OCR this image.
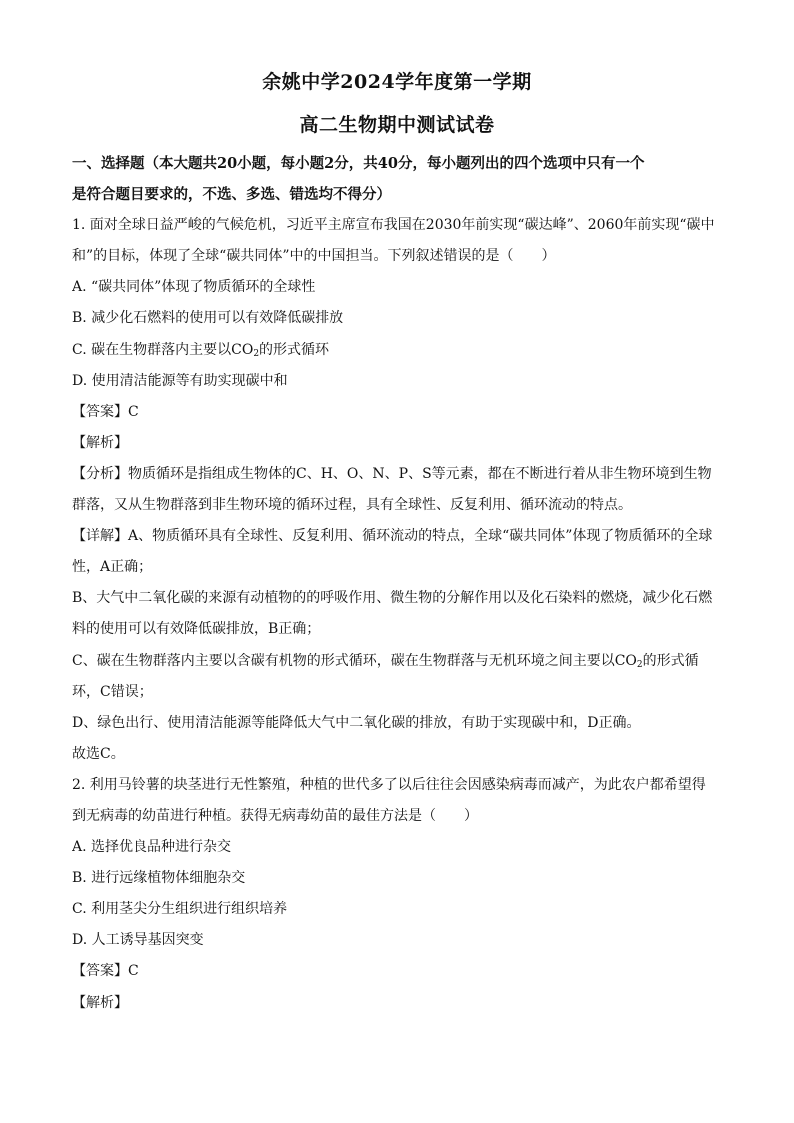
余姚中学2024学年度第一学期
高二生物期中测试试卷
一、选择题（本大题共20小题，每小题2分，共40分，每小题列出的四个选项中只有一个
是符合题目要求的，不选、多选、错选均不得分）
1. 面对全球日益严峻的气候危机，习近平主席宣布我国在2030年前实现“碳达峰”、2060年前实现“碳中
和”的目标，体现了全球“碳共同体”中的中国担当。下列叙述错误的是（　　）
A. “碳共同体”体现了物质循环的全球性
B. 减少化石燃料的使用可以有效降低碳排放
C. 碳在生物群落内主要以$CO_2$的形式循环
D. 使用清洁能源等有助实现碳中和
【答案】C
【解析】
【分析】物质循环是指组成生物体的C、H、O、N、P、S等元素，都在不断进行着从非生物环境到生物
群落，又从生物群落到非生物环境的循环过程，具有全球性、反复利用、循环流动的特点。
【详解】A、物质循环具有全球性、反复利用、循环流动的特点，全球“碳共同体”体现了物质循环的全球
性，A正确；
B、大气中二氧化碳的来源有动植物的的呼吸作用、微生物的分解作用以及化石染料的燃烧，减少化石燃
料的使用可以有效降低碳排放，B正确；
C、碳在生物群落内主要以含碳有机物的形式循环，碳在生物群落与无机环境之间主要以$CO_2$的形式循
环，C错误；
D、绿色出行、使用清洁能源等能降低大气中二氧化碳的排放，有助于实现碳中和，D正确。
故选C。
2. 利用马铃薯的块茎进行无性繁殖，种植的世代多了以后往往会因感染病毒而减产，为此农户都希望得
到无病毒的幼苗进行种植。获得无病毒幼苗的最佳方法是（　　）
A. 选择优良品种进行杂交
B. 进行远缘植物体细胞杂交
C. 利用茎尖分生组织进行组织培养
D. 人工诱导基因突变
【答案】C
【解析】
